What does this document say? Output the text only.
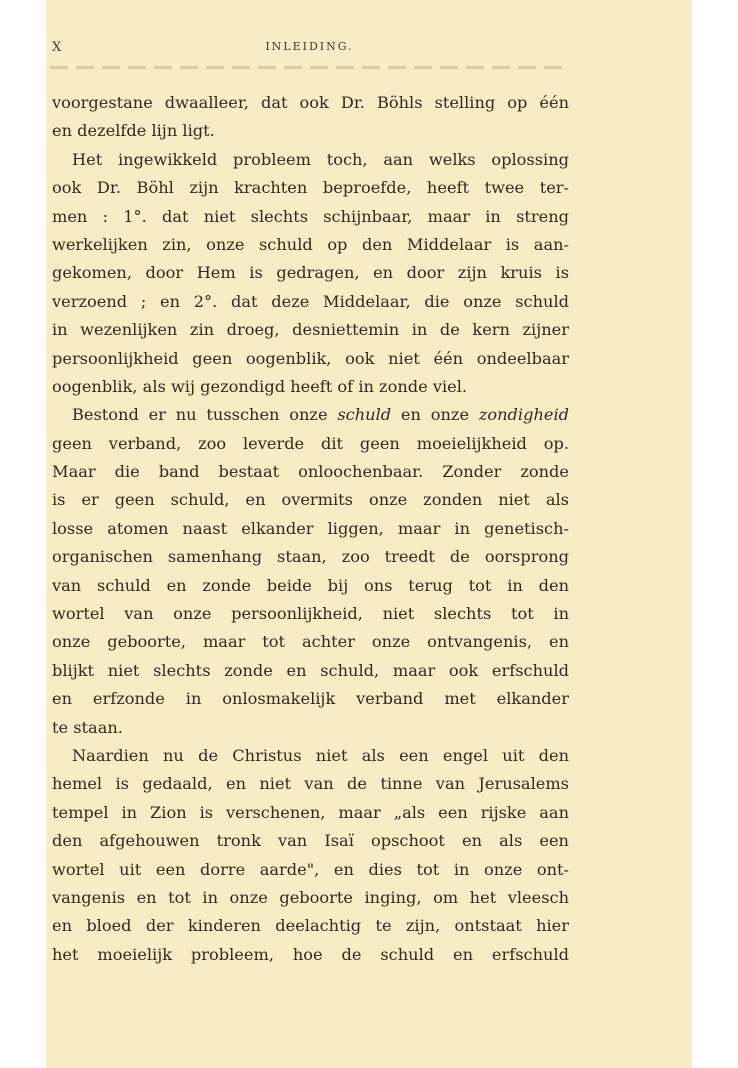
X	INLEIDING.
voorgestane dwaalleer, dat ook Dr. Böhls stelling op één
en dezelfde lijn ligt.
Het ingewikkeld probleem toch, aan welks oplossing
ook Dr. Böhl zijn krachten beproefde, heeft twee ter-
men : 1°. dat niet slechts schijnbaar, maar in streng
werkelijken zin, onze schuld op den Middelaar is aan-
gekomen, door Hem is gedragen, en door zijn kruis is
verzoend ; en 2°. dat deze Middelaar, die onze schuld
in wezenlijken zin droeg, desniettemin in de kern zijner
persoonlijkheid geen oogenblik, ook niet één ondeelbaar
oogenblik, als wij gezondigd heeft of in zonde viel.
Bestond er nu tusschen onze schuld en onze zondigheid
geen verband, zoo leverde dit geen moeielijkheid op.
Maar die band bestaat onloochenbaar. Zonder zonde
is er geen schuld, en overmits onze zonden niet als
losse atomen naast elkander liggen, maar in genetisch-
organischen samenhang staan, zoo treedt de oorsprong
van schuld en zonde beide bij ons terug tot in den
wortel van onze persoonlijkheid, niet slechts tot in
onze geboorte, maar tot achter onze ontvangenis, en
blijkt niet slechts zonde en schuld, maar ook erfschuld
en erfzonde in onlosmakelijk verband met elkander
te staan.
Naardien nu de Christus niet als een engel uit den
hemel is gedaald, en niet van de tinne van Jerusalems
tempel in Zion is verschenen, maar „als een rijske aan
den afgehouwen tronk van Isaï opschoot en als een
wortel uit een dorre aarde", en dies tot in onze ont-
vangenis en tot in onze geboorte inging, om het vleesch
en bloed der kinderen deelachtig te zijn, ontstaat hier
het moeielijk probleem, hoe de schuld en erfschuld
